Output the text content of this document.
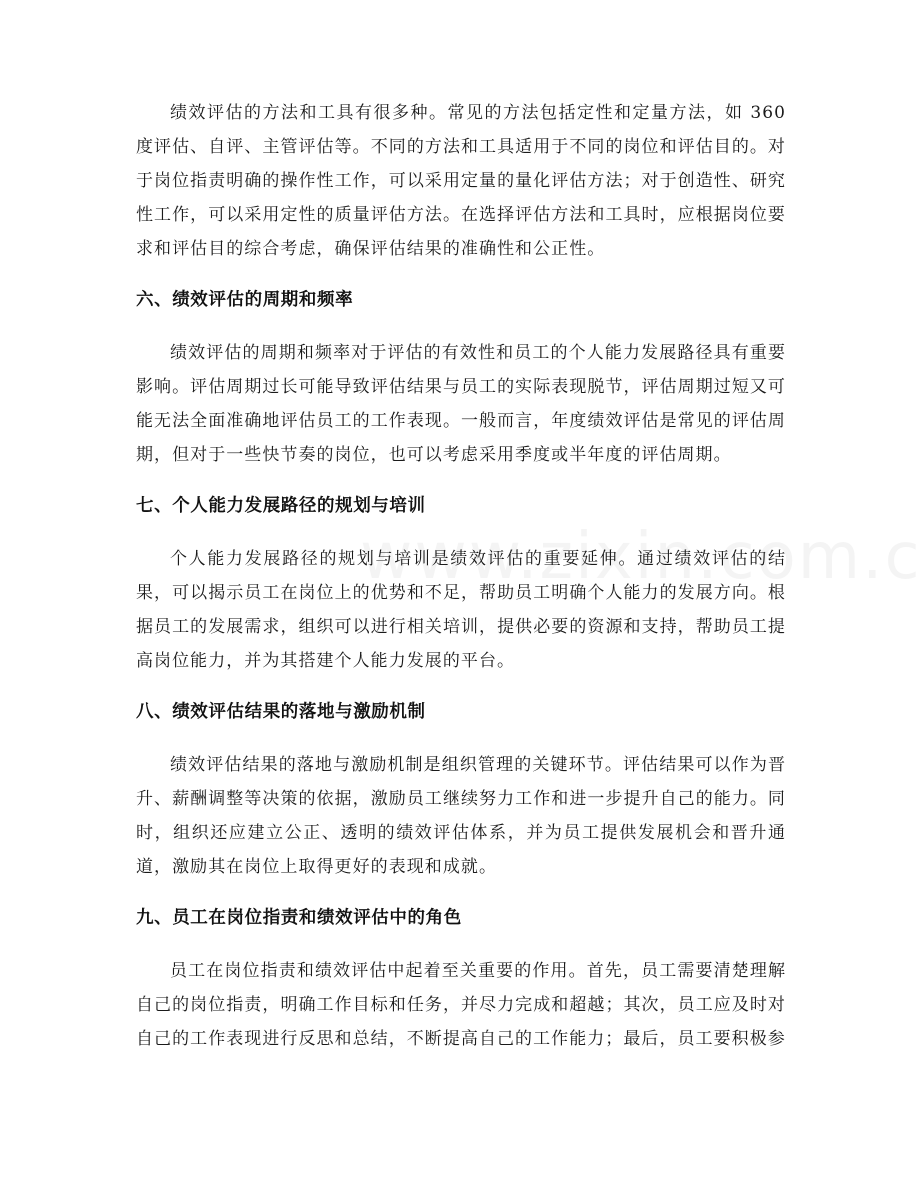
绩效评估的方法和工具有很多种。常见的方法包括定性和定量方法，如 360 度评估、自评、主管评估等。不同的方法和工具适用于不同的岗位和评估目的。对于岗位指责明确的操作性工作，可以采用定量的量化评估方法；对于创造性、研究性工作，可以采用定性的质量评估方法。在选择评估方法和工具时，应根据岗位要求和评估目的综合考虑，确保评估结果的准确性和公正性。

六、绩效评估的周期和频率

绩效评估的周期和频率对于评估的有效性和员工的个人能力发展路径具有重要影响。评估周期过长可能导致评估结果与员工的实际表现脱节，评估周期过短又可能无法全面准确地评估员工的工作表现。一般而言，年度绩效评估是常见的评估周期，但对于一些快节奏的岗位，也可以考虑采用季度或半年度的评估周期。

七、个人能力发展路径的规划与培训

个人能力发展路径的规划与培训是绩效评估的重要延伸。通过绩效评估的结果，可以揭示员工在岗位上的优势和不足，帮助员工明确个人能力的发展方向。根据员工的发展需求，组织可以进行相关培训，提供必要的资源和支持，帮助员工提高岗位能力，并为其搭建个人能力发展的平台。

八、绩效评估结果的落地与激励机制

绩效评估结果的落地与激励机制是组织管理的关键环节。评估结果可以作为晋升、薪酬调整等决策的依据，激励员工继续努力工作和进一步提升自己的能力。同时，组织还应建立公正、透明的绩效评估体系，并为员工提供发展机会和晋升通道，激励其在岗位上取得更好的表现和成就。

九、员工在岗位指责和绩效评估中的角色

员工在岗位指责和绩效评估中起着至关重要的作用。首先，员工需要清楚理解自己的岗位指责，明确工作目标和任务，并尽力完成和超越；其次，员工应及时对自己的工作表现进行反思和总结，不断提高自己的工作能力；最后，员工要积极参
